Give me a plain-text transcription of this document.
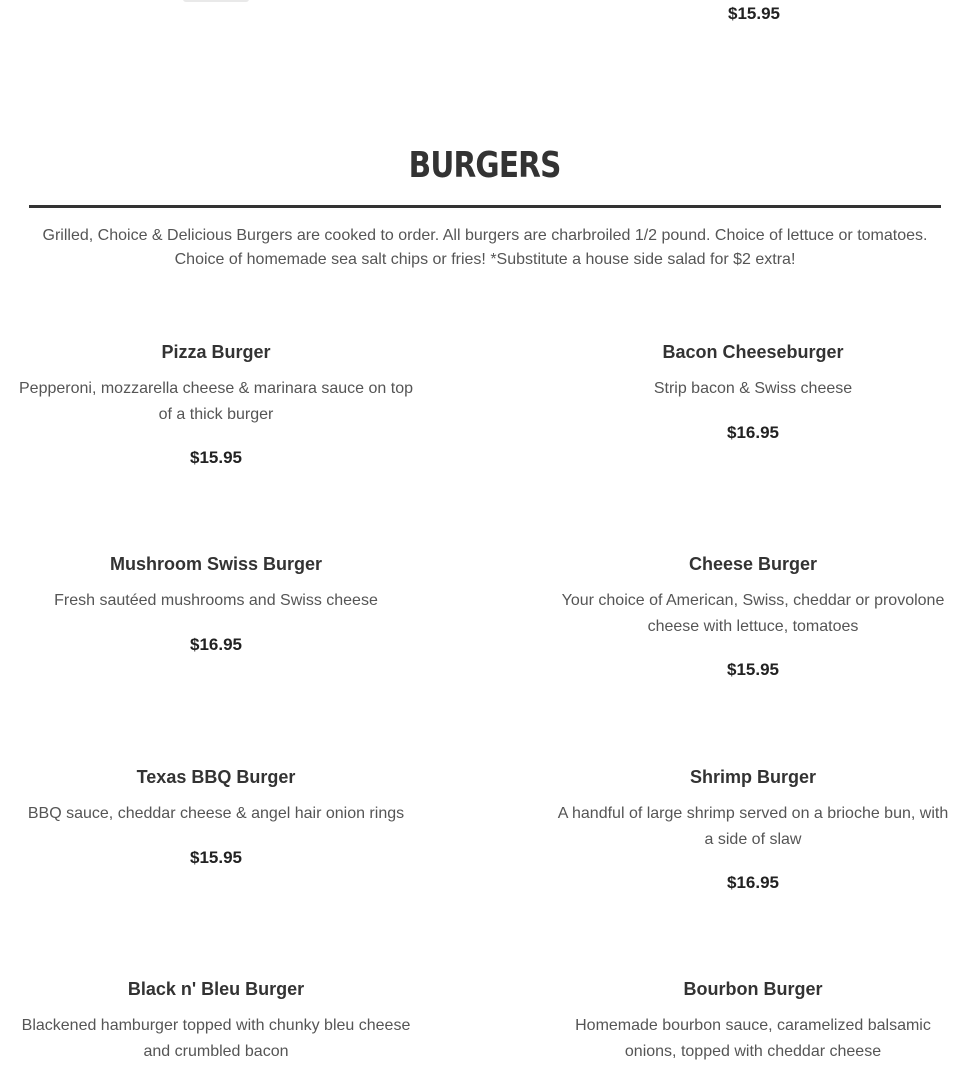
$15.95
BURGERS

Grilled, Choice & Delicious Burgers are cooked to order. All burgers are charbroiled 1/2 pound. Choice of lettuce or tomatoes. Choice of homemade sea salt chips or fries! *Substitute a house side salad for $2 extra!

Pizza Burger
Pepperoni, mozzarella cheese & marinara sauce on top of a thick burger
$15.95
Bacon Cheeseburger
Strip bacon & Swiss cheese
$16.95
Mushroom Swiss Burger
Fresh sautéed mushrooms and Swiss cheese
$16.95
Cheese Burger
Your choice of American, Swiss, cheddar or provolone cheese with lettuce, tomatoes
$15.95
Texas BBQ Burger
BBQ sauce, cheddar cheese & angel hair onion rings
$15.95
Shrimp Burger
A handful of large shrimp served on a brioche bun, with a side of slaw
$16.95
Black n' Bleu Burger
Blackened hamburger topped with chunky bleu cheese and crumbled bacon
Bourbon Burger
Homemade bourbon sauce, caramelized balsamic onions, topped with cheddar cheese
